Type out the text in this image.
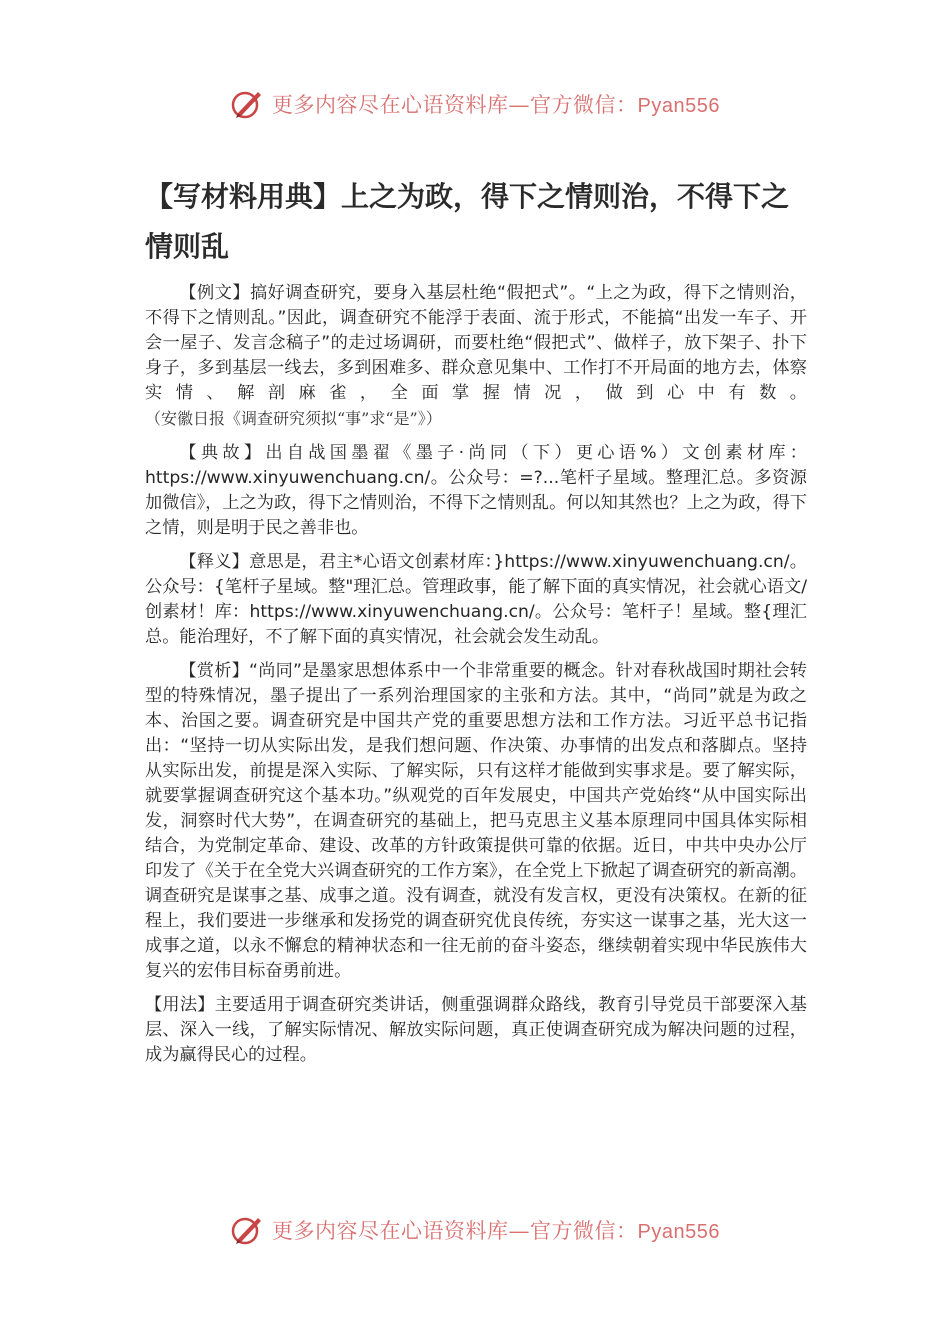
更多内容尽在心语资料库—官方微信：Pyan556
【写材料用典】上之为政，得下之情则治，不得下之情则乱

【例文】搞好调查研究，要身入基层杜绝“假把式”。“上之为政，得下之情则治，不得下之情则乱。”因此，调查研究不能浮于表面、流于形式，不能搞“出发一车子、开会一屋子、发言念稿子”的走过场调研，而要杜绝“假把式”、做样子，放下架子、扑下身子，多到基层一线去，多到困难多、群众意见集中、工作打不开局面的地方去，体察实情、解剖麻雀，全面掌握情况，做到心中有数。（安徽日报《调查研究须拟“事”求“是”》）

【典故】出自战国墨翟《墨子·尚同（下）更心语%）文创素材库：https://www.xinyuwenchuang.cn/。公众号：=?...笔杆子星域。整理汇总。多资源加微信》，上之为政，得下之情则治，不得下之情则乱。何以知其然也？上之为政，得下之情，则是明于民之善非也。

【释义】意思是，君主*心语文创素材库：}https://www.xinyuwenchuang.cn/。公众号：{笔杆子星域。整"理汇总。管理政事，能了解下面的真实情况，社会就心语文/创素材！库：https://www.xinyuwenchuang.cn/。公众号：笔杆子！星域。整{理汇总。能治理好，不了解下面的真实情况，社会就会发生动乱。

【赏析】“尚同”是墨家思想体系中一个非常重要的概念。针对春秋战国时期社会转型的特殊情况，墨子提出了一系列治理国家的主张和方法。其中，“尚同”就是为政之本、治国之要。调查研究是中国共产党的重要思想方法和工作方法。习近平总书记指出：“坚持一切从实际出发，是我们想问题、作决策、办事情的出发点和落脚点。坚持从实际出发，前提是深入实际、了解实际，只有这样才能做到实事求是。要了解实际，就要掌握调查研究这个基本功。”纵观党的百年发展史，中国共产党始终“从中国实际出发，洞察时代大势”，在调查研究的基础上，把马克思主义基本原理同中国具体实际相结合，为党制定革命、建设、改革的方针政策提供可靠的依据。近日，中共中央办公厅印发了《关于在全党大兴调查研究的工作方案》，在全党上下掀起了调查研究的新高潮。调查研究是谋事之基、成事之道。没有调查，就没有发言权，更没有决策权。在新的征程上，我们要进一步继承和发扬党的调查研究优良传统，夯实这一谋事之基，光大这一成事之道，以永不懈怠的精神状态和一往无前的奋斗姿态，继续朝着实现中华民族伟大复兴的宏伟目标奋勇前进。

【用法】主要适用于调查研究类讲话，侧重强调群众路线，教育引导党员干部要深入基层、深入一线，了解实际情况、解放实际问题，真正使调查研究成为解决问题的过程，成为赢得民心的过程。

更多内容尽在心语资料库—官方微信：Pyan556
